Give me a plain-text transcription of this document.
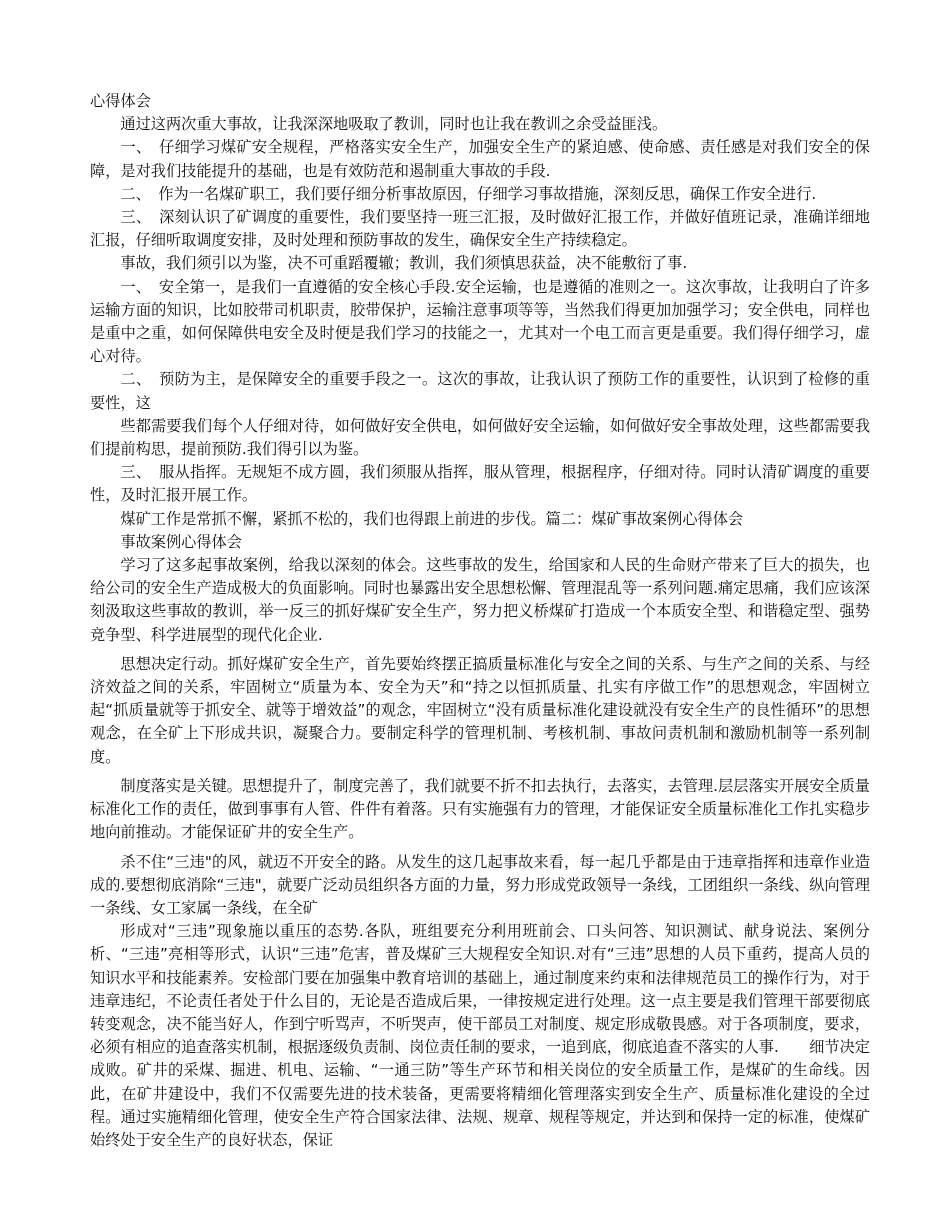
心得体会

通过这两次重大事故，让我深深地吸取了教训，同时也让我在教训之余受益匪浅。

一、　仔细学习煤矿安全规程，严格落实安全生产，加强安全生产的紧迫感、使命感、责任感是对我们安全的保障，是对我们技能提升的基础，也是有效防范和遏制重大事故的手段.

二、　作为一名煤矿职工，我们要仔细分析事故原因，仔细学习事故措施，深刻反思，确保工作安全进行.

三、　深刻认识了矿调度的重要性，我们要坚持一班三汇报，及时做好汇报工作，并做好值班记录，准确详细地汇报，仔细听取调度安排，及时处理和预防事故的发生，确保安全生产持续稳定。

事故，我们须引以为鉴，决不可重蹈覆辙；教训，我们须慎思获益，决不能敷衍了事.

一、　安全第一，是我们一直遵循的安全核心手段.安全运输，也是遵循的准则之一。这次事故，让我明白了许多运输方面的知识，比如胶带司机职责，胶带保护，运输注意事项等等，当然我们得更加加强学习；安全供电，同样也是重中之重，如何保障供电安全及时便是我们学习的技能之一，尤其对一个电工而言更是重要。我们得仔细学习，虚心对待。

二、　预防为主，是保障安全的重要手段之一。这次的事故，让我认识了预防工作的重要性，认识到了检修的重要性，这

些都需要我们每个人仔细对待，如何做好安全供电，如何做好安全运输，如何做好安全事故处理，这些都需要我们提前构思，提前预防.我们得引以为鉴。

三、　服从指挥。无规矩不成方圆，我们须服从指挥，服从管理，根据程序，仔细对待。同时认清矿调度的重要性，及时汇报开展工作。

煤矿工作是常抓不懈，紧抓不松的，我们也得跟上前进的步伐。篇二：煤矿事故案例心得体会

事故案例心得体会

学习了这多起事故案例，给我以深刻的体会。这些事故的发生，给国家和人民的生命财产带来了巨大的损失，也给公司的安全生产造成极大的负面影响。同时也暴露出安全思想松懈、管理混乱等一系列问题.痛定思痛，我们应该深刻汲取这些事故的教训，举一反三的抓好煤矿安全生产，努力把义桥煤矿打造成一个本质安全型、和谐稳定型、强势竞争型、科学进展型的现代化企业.

思想决定行动。抓好煤矿安全生产，首先要始终摆正搞质量标准化与安全之间的关系、与生产之间的关系、与经济效益之间的关系，牢固树立“质量为本、安全为天”和“持之以恒抓质量、扎实有序做工作”的思想观念，牢固树立起“抓质量就等于抓安全、就等于增效益”的观念，牢固树立“没有质量标准化建设就没有安全生产的良性循环”的思想观念，在全矿上下形成共识，凝聚合力。要制定科学的管理机制、考核机制、事故问责机制和激励机制等一系列制度。

制度落实是关键。思想提升了，制度完善了，我们就要不折不扣去执行，去落实，去管理.层层落实开展安全质量标准化工作的责任，做到事事有人管、件件有着落。只有实施强有力的管理，才能保证安全质量标准化工作扎实稳步地向前推动。才能保证矿井的安全生产。

杀不住“三违"的风，就迈不开安全的路。从发生的这几起事故来看，每一起几乎都是由于违章指挥和违章作业造成的.要想彻底消除“三违"，就要广泛动员组织各方面的力量，努力形成党政领导一条线，工团组织一条线、纵向管理一条线、女工家属一条线，在全矿

形成对“三违”现象施以重压的态势.各队，班组要充分利用班前会、口头问答、知识测试、献身说法、案例分析、“三违”亮相等形式，认识“三违”危害，普及煤矿三大规程安全知识.对有“三违”思想的人员下重药，提高人员的知识水平和技能素养。安检部门要在加强集中教育培训的基础上，通过制度来约束和法律规范员工的操作行为，对于违章违纪，不论责任者处于什么目的，无论是否造成后果，一律按规定进行处理。这一点主要是我们管理干部要彻底转变观念，决不能当好人，作到宁听骂声，不听哭声，使干部员工对制度、规定形成敬畏感。对于各项制度，要求，必须有相应的追查落实机制，根据逐级负责制、岗位责任制的要求，一追到底，彻底追查不落实的人事.　　细节决定成败。矿井的采煤、掘进、机电、运输、“一通三防”等生产环节和相关岗位的安全质量工作，是煤矿的生命线。因此，在矿井建设中，我们不仅需要先进的技术装备，更需要将精细化管理落实到安全生产、质量标准化建设的全过程。通过实施精细化管理，使安全生产符合国家法律、法规、规章、规程等规定，并达到和保持一定的标准，使煤矿始终处于安全生产的良好状态，保证
